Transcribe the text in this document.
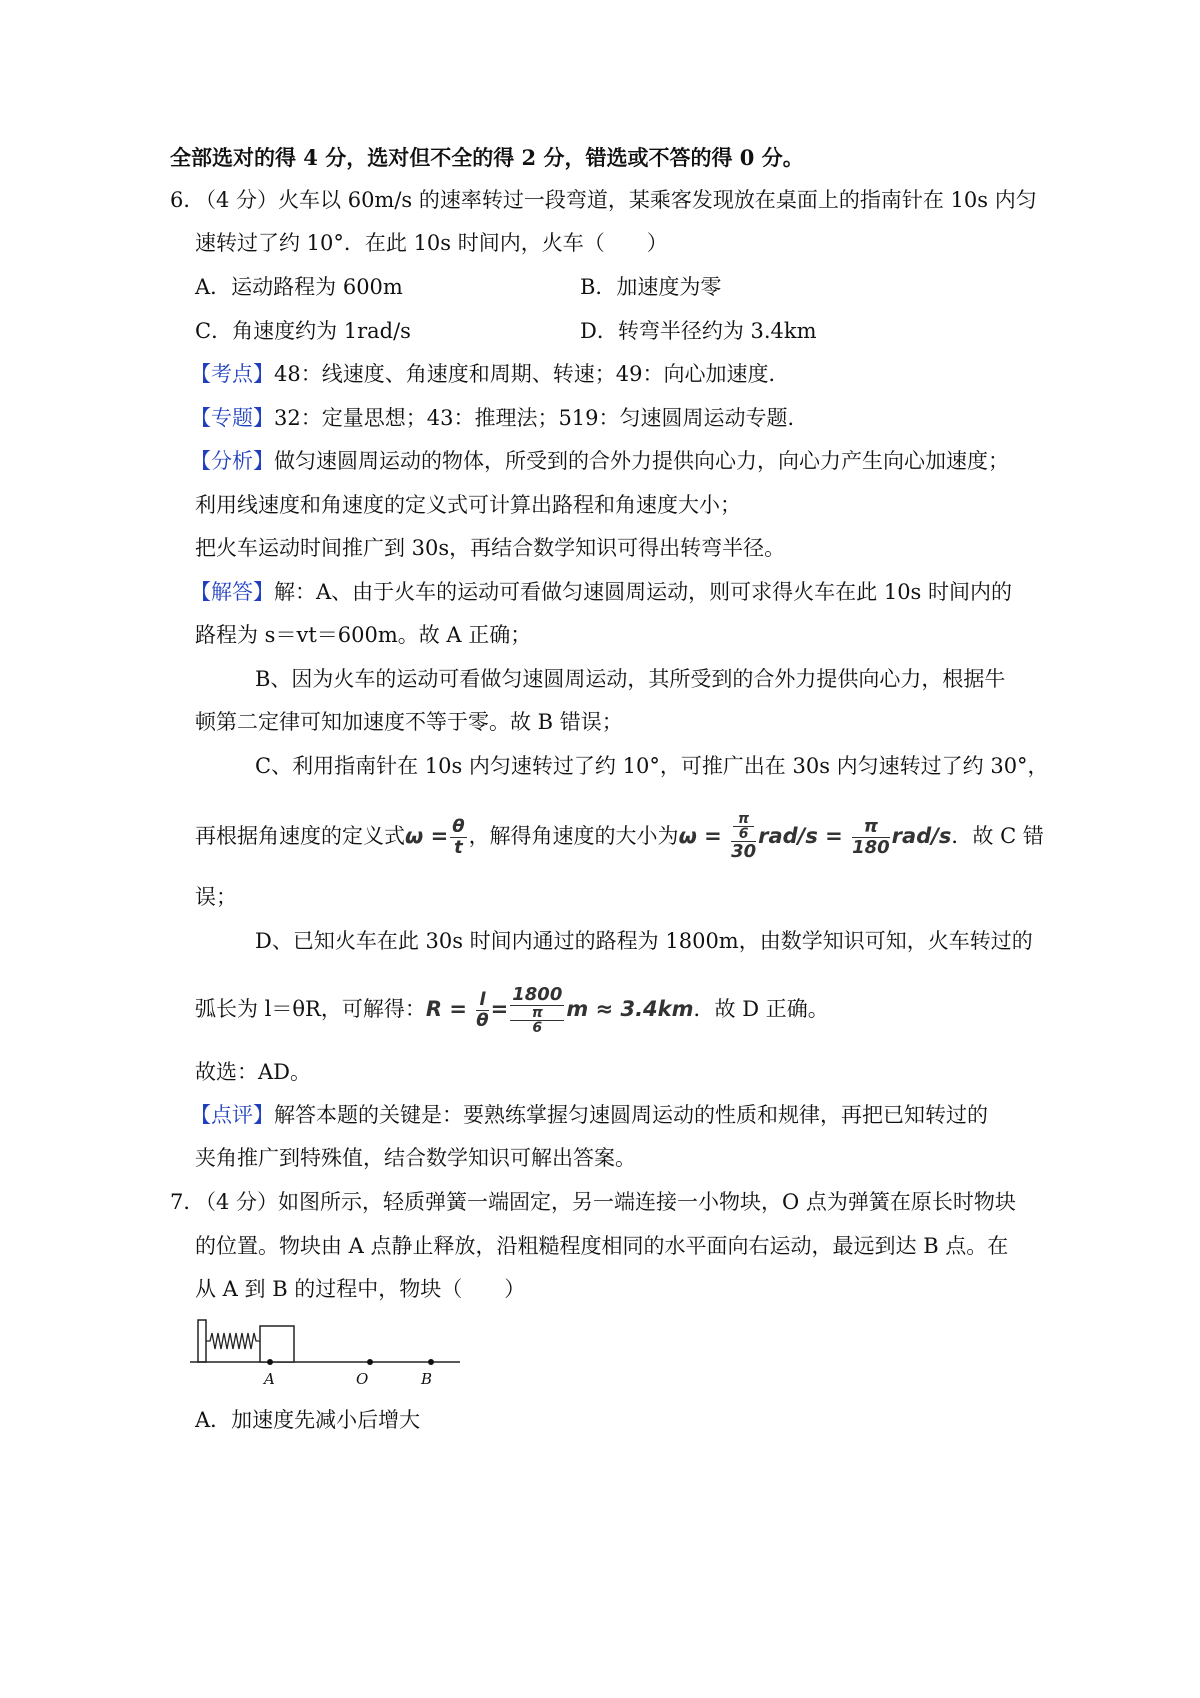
全部选对的得 4 分，选对但不全的得 2 分，错选或不答的得 0 分。
6．
（4 分）火车以 60m/s 的速率转过一段弯道，某乘客发现放在桌面上的指南针在 10s 内匀
速转过了约 10°．在此 10s 时间内，火车（　　）
A．运动路程为 600m	B．加速度为零
C．角速度约为 1rad/s	D．转弯半径约为 3.4km
【考点】48：线速度、角速度和周期、转速；49：向心加速度．
【专题】32：定量思想；43：推理法；519：匀速圆周运动专题．
【分析】做匀速圆周运动的物体，所受到的合外力提供向心力，向心力产生向心加速度；
利用线速度和角速度的定义式可计算出路程和角速度大小；
把火车运动时间推广到 30s，再结合数学知识可得出转弯半径。
【解答】解：A、由于火车的运动可看做匀速圆周运动，则可求得火车在此 10s 时间内的
路程为 s＝vt＝600m。故 A 正确；
B、因为火车的运动可看做匀速圆周运动，其所受到的合外力提供向心力，根据牛
顿第二定律可知加速度不等于零。故 B 错误；
C、利用指南针在 10s 内匀速转过了约 10°，可推广出在 30s 内匀速转过了约 30°，
再根据角速度的定义式$\omega = \frac{\theta}{t}$ ，解得角速度的大小为ω = π
6
30 $rad/s = \frac{\pi}{180} rad/s$．故 C 错
误；
D、已知火车在此 30s 时间内通过的路程为 1800m，由数学知识可知，火车转过的
弧长为 l＝θR，可解得：$R = \frac{l}{\theta} = 1800$
π
6 m ≈ 3.4km．故 D 正确。
故选：AD。
【点评】解答本题的关键是：要熟练掌握匀速圆周运动的性质和规律，再把已知转过的
夹角推广到特殊值，结合数学知识可解出答案。
7．
（4 分）如图所示，轻质弹簧一端固定，另一端连接一小物块，O 点为弹簧在原长时物块
的位置。物块由 A 点静止释放，沿粗糙程度相同的水平面向右运动，最远到达 B 点。在
从 A 到 B 的过程中，物块（　　）
A	O	B
A．加速度先减小后增大
